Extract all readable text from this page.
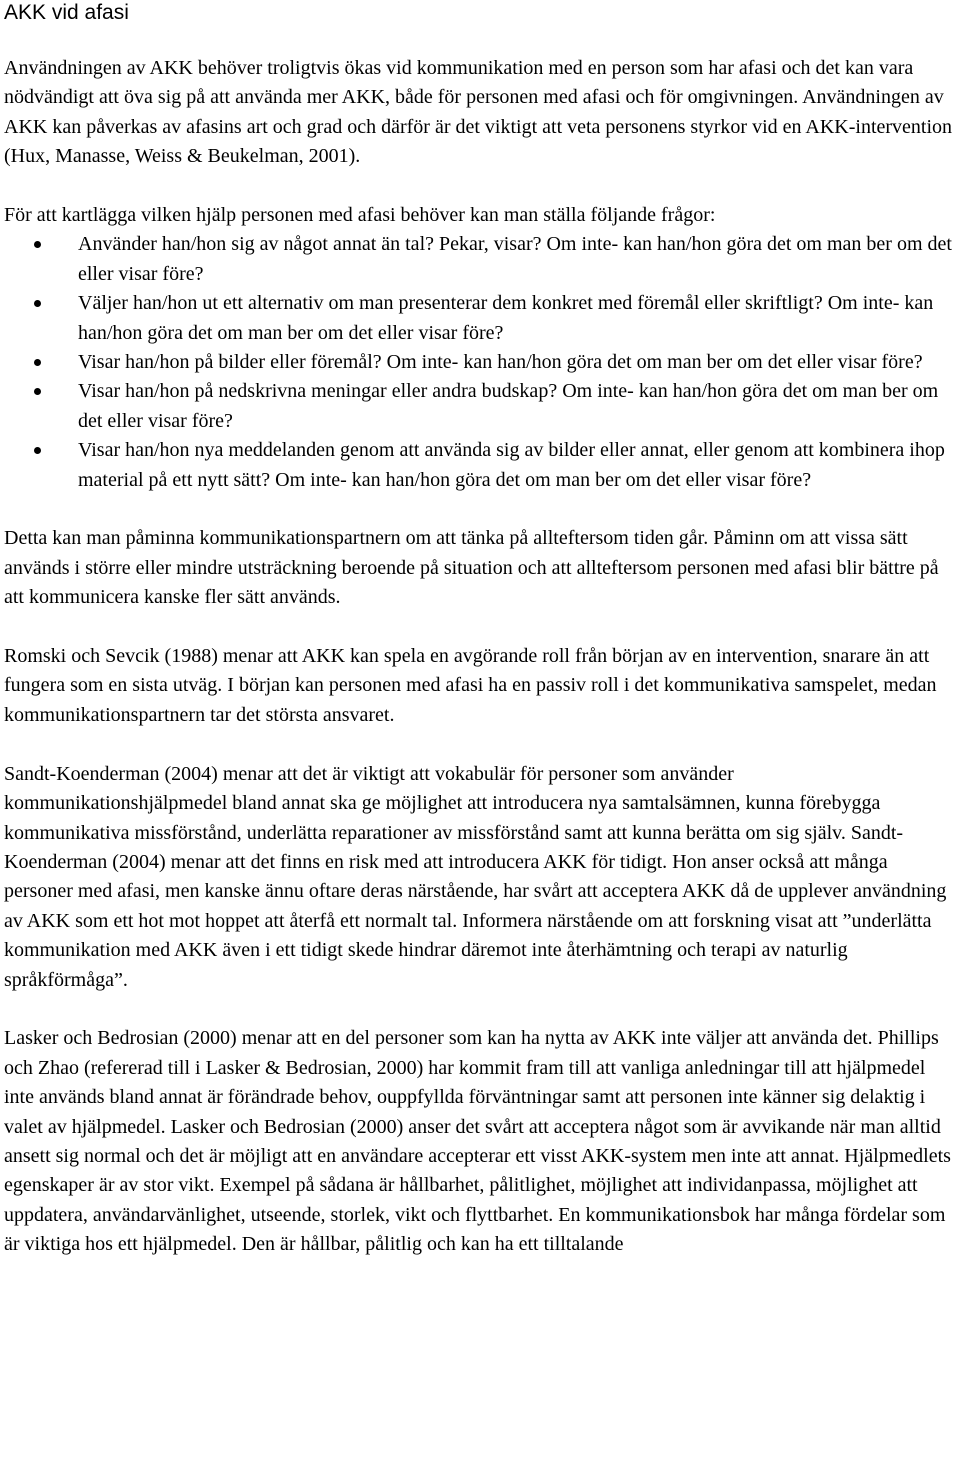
AKK vid afasi

Användningen av AKK behöver troligtvis ökas vid kommunikation med en person som har afasi och det kan vara nödvändigt att öva sig på att använda mer AKK, både för personen med afasi och för omgivningen. Användningen av AKK kan påverkas av afasins art och grad och därför är det viktigt att veta personens styrkor vid en AKK-intervention (Hux, Manasse, Weiss & Beukelman, 2001).

För att kartlägga vilken hjälp personen med afasi behöver kan man ställa följande frågor:

Använder han/hon sig av något annat än tal? Pekar, visar? Om inte- kan han/hon göra det om man ber om det eller visar före?
Väljer han/hon ut ett alternativ om man presenterar dem konkret med föremål eller skriftligt? Om inte- kan han/hon göra det om man ber om det eller visar före?
Visar han/hon på bilder eller föremål? Om inte- kan han/hon göra det om man ber om det eller visar före?
Visar han/hon på nedskrivna meningar eller andra budskap? Om inte- kan han/hon göra det om man ber om det eller visar före?
Visar han/hon nya meddelanden genom att använda sig av bilder eller annat, eller genom att kombinera ihop material på ett nytt sätt? Om inte- kan han/hon göra det om man ber om det eller visar före?

Detta kan man påminna kommunikationspartnern om att tänka på allteftersom tiden går. Påminn om att vissa sätt används i större eller mindre utsträckning beroende på situation och att allteftersom personen med afasi blir bättre på att kommunicera kanske fler sätt används.

Romski och Sevcik (1988) menar att AKK kan spela en avgörande roll från början av en intervention, snarare än att fungera som en sista utväg. I början kan personen med afasi ha en passiv roll i det kommunikativa samspelet, medan kommunikationspartnern tar det största ansvaret.

Sandt-Koenderman (2004) menar att det är viktigt att vokabulär för personer som använder kommunikationshjälpmedel bland annat ska ge möjlighet att introducera nya samtalsämnen, kunna förebygga kommunikativa missförstånd, underlätta reparationer av missförstånd samt att kunna berätta om sig själv. Sandt-Koenderman (2004) menar att det finns en risk med att introducera AKK för tidigt. Hon anser också att många personer med afasi, men kanske ännu oftare deras närstående, har svårt att acceptera AKK då de upplever användning av AKK som ett hot mot hoppet att återfå ett normalt tal. Informera närstående om att forskning visat att ”underlätta kommunikation med AKK även i ett tidigt skede hindrar däremot inte återhämtning och terapi av naturlig språkförmåga”.

Lasker och Bedrosian (2000) menar att en del personer som kan ha nytta av AKK inte väljer att använda det. Phillips och Zhao (refererad till i Lasker & Bedrosian, 2000) har kommit fram till att vanliga anledningar till att hjälpmedel inte används bland annat är förändrade behov, ouppfyllda förväntningar samt att personen inte känner sig delaktig i valet av hjälpmedel. Lasker och Bedrosian (2000) anser det svårt att acceptera något som är avvikande när man alltid ansett sig normal och det är möjligt att en användare accepterar ett visst AKK-system men inte att annat. Hjälpmedlets egenskaper är av stor vikt. Exempel på sådana är hållbarhet, pålitlighet, möjlighet att individanpassa, möjlighet att uppdatera, användarvänlighet, utseende, storlek, vikt och flyttbarhet. En kommunikationsbok har många fördelar som är viktiga hos ett hjälpmedel. Den är hållbar, pålitlig och kan ha ett tilltalande
